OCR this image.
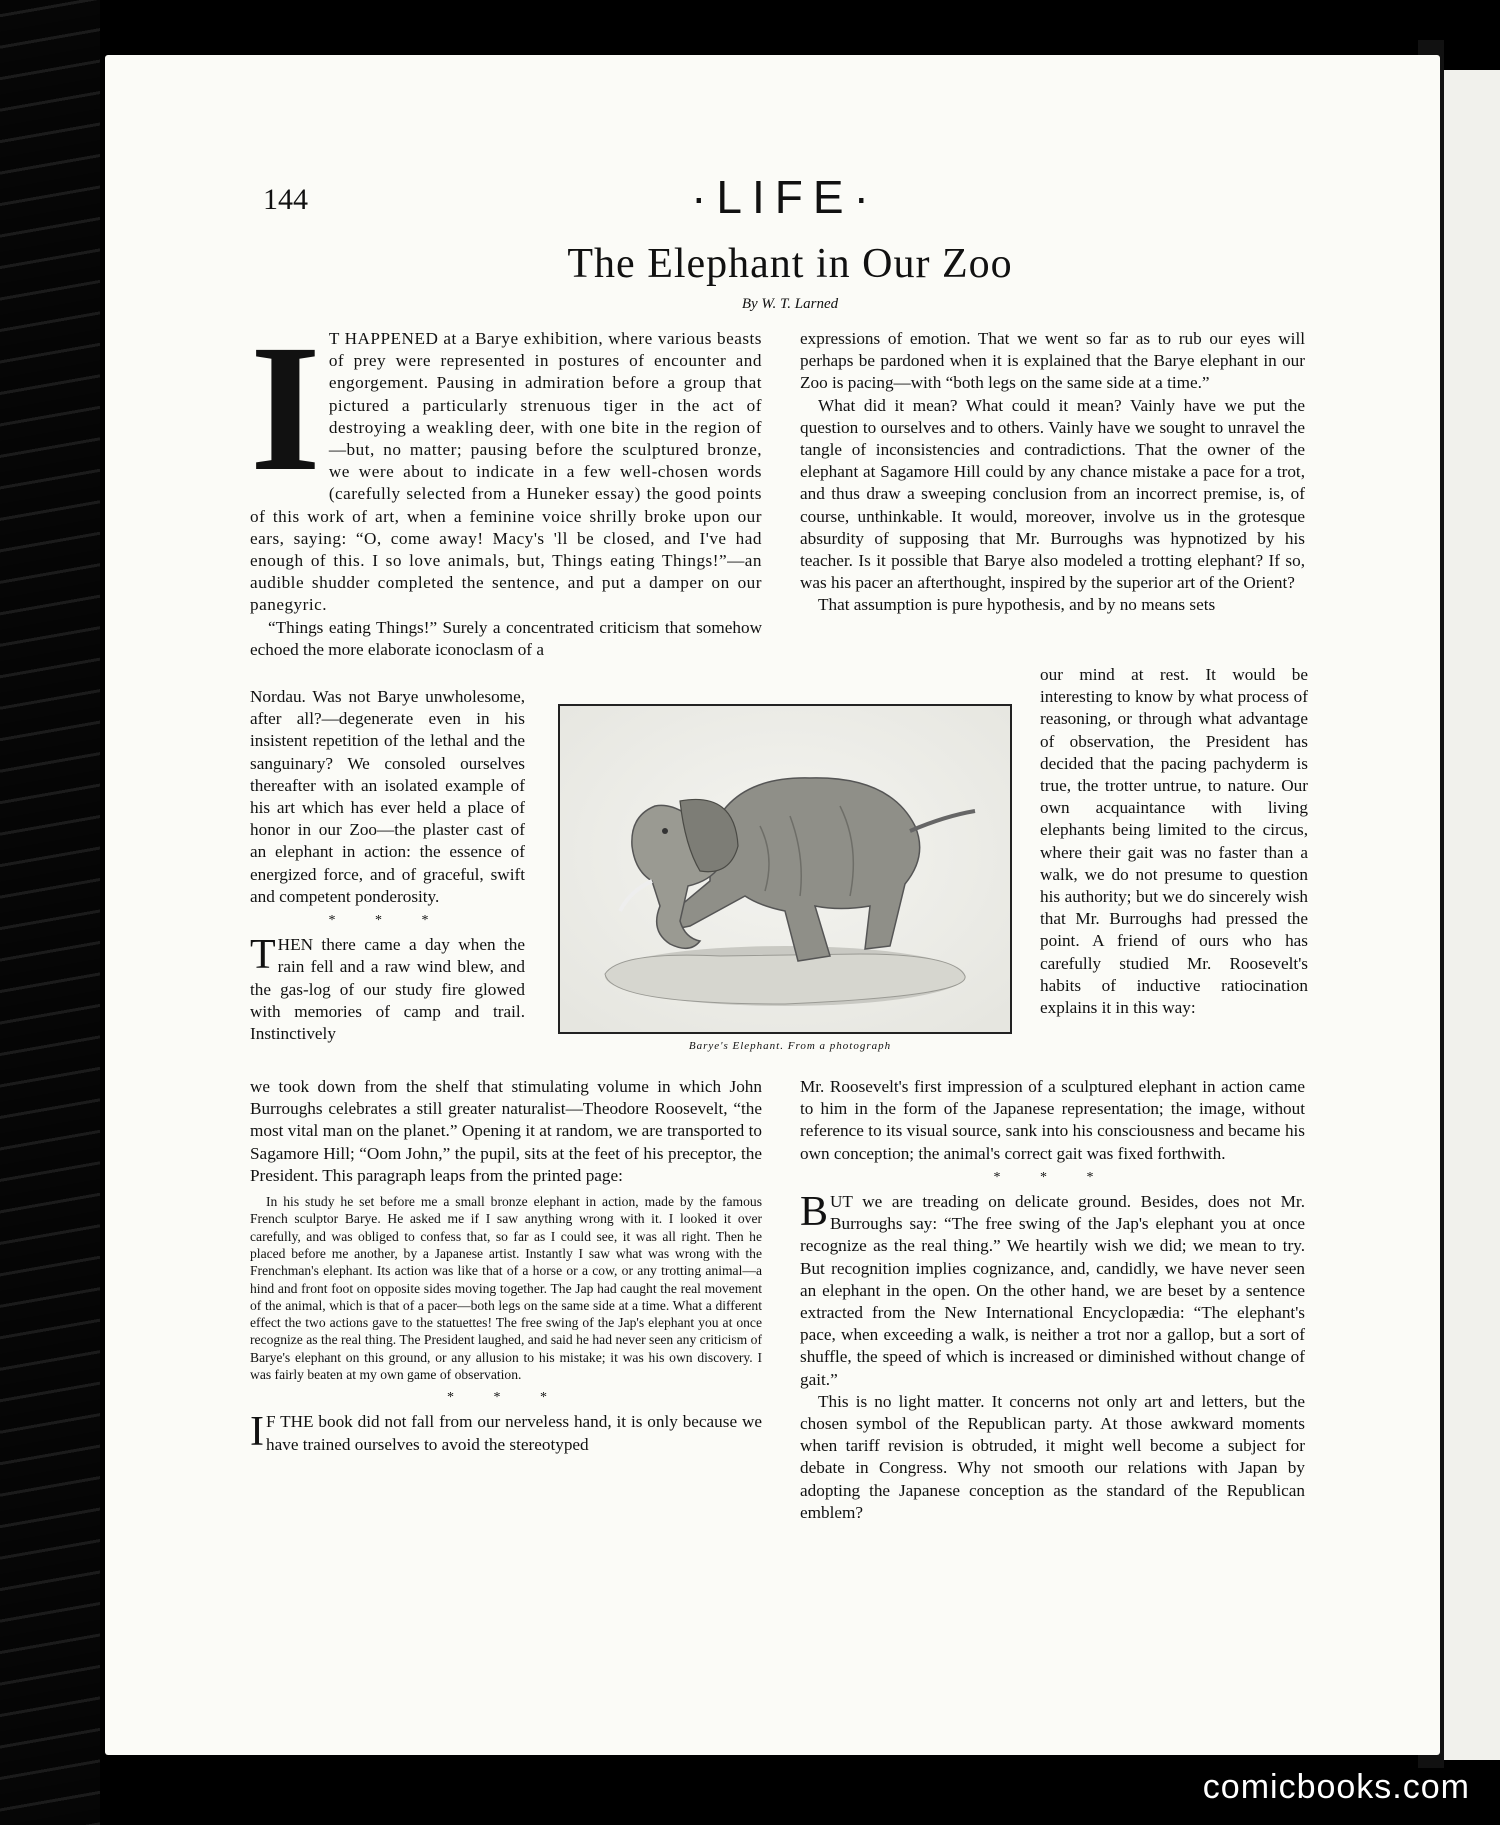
144	·LIFE·
The Elephant in Our Zoo
By W. T. Larned

I T HAPPENED at a Barye exhibition, where various beasts of prey were represented in postures of encounter and engorgement. Pausing in admiration before a group that pictured a particularly strenuous tiger in the act of destroying a weakling deer, with one bite in the region of—but, no matter; pausing before the sculptured bronze, we were about to indicate in a few well-chosen words (carefully selected from a Huneker essay) the good points of this work of art, when a feminine voice shrilly broke upon our ears, saying: “O, come away! Macy's 'll be closed, and I've had enough of this. I so love animals, but, Things eating Things!”—an audible shudder completed the sentence, and put a damper on our panegyric.

“Things eating Things!” Surely a concentrated criticism that somehow echoed the more elaborate iconoclasm of a

Nordau. Was not Barye unwholesome, after all?—degenerate even in his insistent repetition of the lethal and the sanguinary? We consoled ourselves thereafter with an isolated example of his art which has ever held a place of honor in our Zoo—the plaster cast of an elephant in action: the essence of energized force, and of graceful, swift and competent ponderosity.

* * *

THEN there came a day when the rain fell and a raw wind blew, and the gas-log of our study fire glowed with memories of camp and trail. Instinctively

Barye's Elephant. From a photograph

we took down from the shelf that stimulating volume in which John Burroughs celebrates a still greater naturalist—Theodore Roosevelt, “the most vital man on the planet.” Opening it at random, we are transported to Sagamore Hill; “Oom John,” the pupil, sits at the feet of his preceptor, the President. This paragraph leaps from the printed page:

In his study he set before me a small bronze elephant in action, made by the famous French sculptor Barye. He asked me if I saw anything wrong with it. I looked it over carefully, and was obliged to confess that, so far as I could see, it was all right. Then he placed before me another, by a Japanese artist. Instantly I saw what was wrong with the Frenchman's elephant. Its action was like that of a horse or a cow, or any trotting animal—a hind and front foot on opposite sides moving together. The Jap had caught the real movement of the animal, which is that of a pacer—both legs on the same side at a time. What a different effect the two actions gave to the statuettes! The free swing of the Jap's elephant you at once recognize as the real thing. The President laughed, and said he had never seen any criticism of Barye's elephant on this ground, or any allusion to his mistake; it was his own discovery. I was fairly beaten at my own game of observation.

* * *

I F THE book did not fall from our nerveless hand, it is only because we have trained ourselves to avoid the stereotyped

expressions of emotion. That we went so far as to rub our eyes will perhaps be pardoned when it is explained that the Barye elephant in our Zoo is pacing—with “both legs on the same side at a time.”

What did it mean? What could it mean? Vainly have we put the question to ourselves and to others. Vainly have we sought to unravel the tangle of inconsistencies and contradictions. That the owner of the elephant at Sagamore Hill could by any chance mistake a pace for a trot, and thus draw a sweeping conclusion from an incorrect premise, is, of course, unthinkable. It would, moreover, involve us in the grotesque absurdity of supposing that Mr. Burroughs was hypnotized by his teacher. Is it possible that Barye also modeled a trotting elephant? If so, was his pacer an afterthought, inspired by the superior art of the Orient?

That assumption is pure hypothesis, and by no means sets

our mind at rest. It would be interesting to know by what process of reasoning, or through what advantage of observation, the President has decided that the pacing pachyderm is true, the trotter untrue, to nature. Our own acquaintance with living elephants being limited to the circus, where their gait was no faster than a walk, we do not presume to question his authority; but we do sincerely wish that Mr. Burroughs had pressed the point. A friend of ours who has carefully studied Mr. Roosevelt's habits of inductive ratiocination explains it in this way:

Mr. Roosevelt's first impression of a sculptured elephant in action came to him in the form of the Japanese representation; the image, without reference to its visual source, sank into his consciousness and became his own conception; the animal's correct gait was fixed forthwith.

* * *

BUT we are treading on delicate ground. Besides, does not Mr. Burroughs say: “The free swing of the Jap's elephant you at once recognize as the real thing.” We heartily wish we did; we mean to try. But recognition implies cognizance, and, candidly, we have never seen an elephant in the open. On the other hand, we are beset by a sentence extracted from the New International Encyclopædia: “The elephant's pace, when exceeding a walk, is neither a trot nor a gallop, but a sort of shuffle, the speed of which is increased or diminished without change of gait.”

This is no light matter. It concerns not only art and letters, but the chosen symbol of the Republican party. At those awkward moments when tariff revision is obtruded, it might well become a subject for debate in Congress. Why not smooth our relations with Japan by adopting the Japanese conception as the standard of the Republican emblem?

comicbooks.com
